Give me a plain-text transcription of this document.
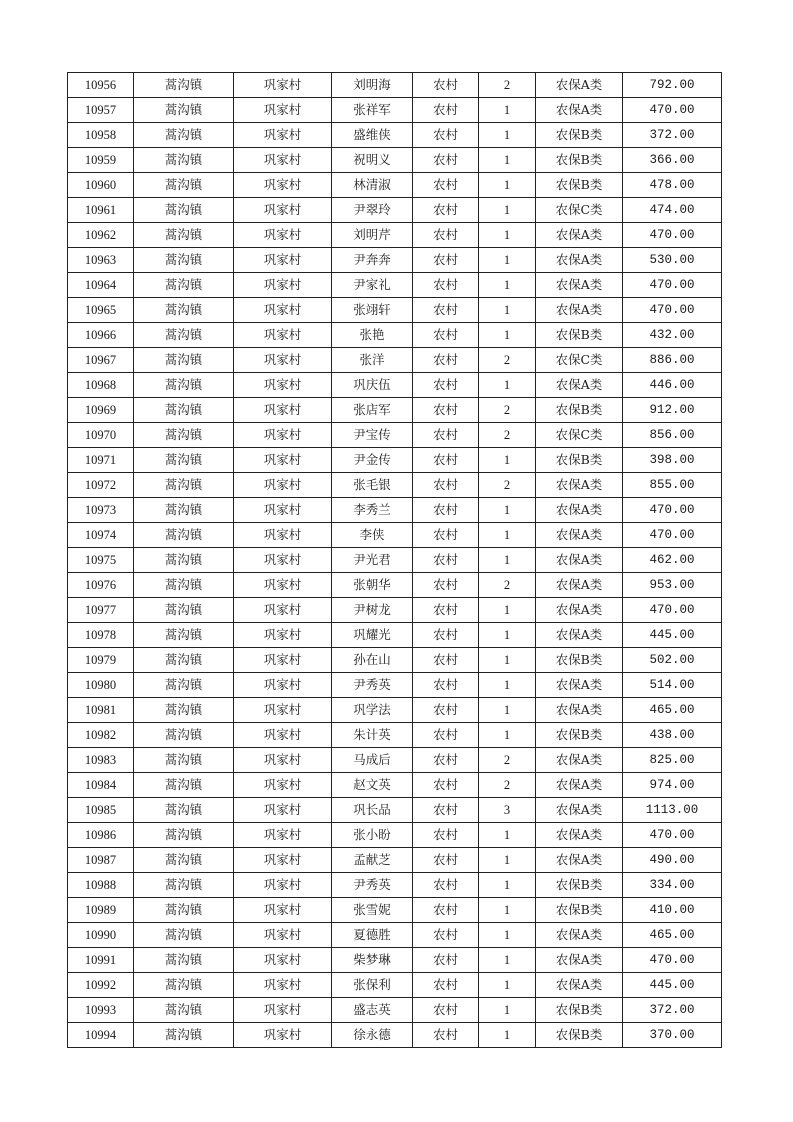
10956	蒿沟镇	巩家村	刘明海	农村	2	农保A类	792.00
10957	蒿沟镇	巩家村	张祥军	农村	1	农保A类	470.00
10958	蒿沟镇	巩家村	盛维侠	农村	1	农保B类	372.00
10959	蒿沟镇	巩家村	祝明义	农村	1	农保B类	366.00
10960	蒿沟镇	巩家村	林清淑	农村	1	农保B类	478.00
10961	蒿沟镇	巩家村	尹翠玲	农村	1	农保C类	474.00
10962	蒿沟镇	巩家村	刘明芹	农村	1	农保A类	470.00
10963	蒿沟镇	巩家村	尹奔奔	农村	1	农保A类	530.00
10964	蒿沟镇	巩家村	尹家礼	农村	1	农保A类	470.00
10965	蒿沟镇	巩家村	张翊轩	农村	1	农保A类	470.00
10966	蒿沟镇	巩家村	张艳	农村	1	农保B类	432.00
10967	蒿沟镇	巩家村	张洋	农村	2	农保C类	886.00
10968	蒿沟镇	巩家村	巩庆伍	农村	1	农保A类	446.00
10969	蒿沟镇	巩家村	张店军	农村	2	农保B类	912.00
10970	蒿沟镇	巩家村	尹宝传	农村	2	农保C类	856.00
10971	蒿沟镇	巩家村	尹金传	农村	1	农保B类	398.00
10972	蒿沟镇	巩家村	张毛银	农村	2	农保A类	855.00
10973	蒿沟镇	巩家村	李秀兰	农村	1	农保A类	470.00
10974	蒿沟镇	巩家村	李侠	农村	1	农保A类	470.00
10975	蒿沟镇	巩家村	尹光君	农村	1	农保A类	462.00
10976	蒿沟镇	巩家村	张朝华	农村	2	农保A类	953.00
10977	蒿沟镇	巩家村	尹树龙	农村	1	农保A类	470.00
10978	蒿沟镇	巩家村	巩耀光	农村	1	农保A类	445.00
10979	蒿沟镇	巩家村	孙在山	农村	1	农保B类	502.00
10980	蒿沟镇	巩家村	尹秀英	农村	1	农保A类	514.00
10981	蒿沟镇	巩家村	巩学法	农村	1	农保A类	465.00
10982	蒿沟镇	巩家村	朱计英	农村	1	农保B类	438.00
10983	蒿沟镇	巩家村	马成后	农村	2	农保A类	825.00
10984	蒿沟镇	巩家村	赵文英	农村	2	农保A类	974.00
10985	蒿沟镇	巩家村	巩长品	农村	3	农保A类	1113.00
10986	蒿沟镇	巩家村	张小盼	农村	1	农保A类	470.00
10987	蒿沟镇	巩家村	孟献芝	农村	1	农保A类	490.00
10988	蒿沟镇	巩家村	尹秀英	农村	1	农保B类	334.00
10989	蒿沟镇	巩家村	张雪妮	农村	1	农保B类	410.00
10990	蒿沟镇	巩家村	夏德胜	农村	1	农保A类	465.00
10991	蒿沟镇	巩家村	柴梦琳	农村	1	农保A类	470.00
10992	蒿沟镇	巩家村	张保利	农村	1	农保A类	445.00
10993	蒿沟镇	巩家村	盛志英	农村	1	农保B类	372.00
10994	蒿沟镇	巩家村	徐永德	农村	1	农保B类	370.00
